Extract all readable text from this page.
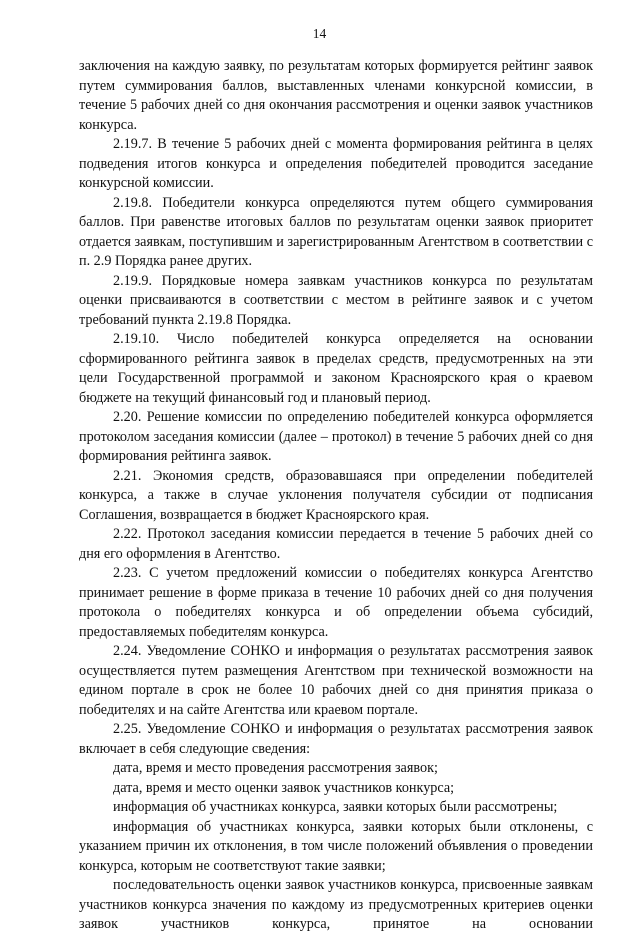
14

заключения на каждую заявку, по результатам которых формируется рейтинг заявок путем суммирования баллов, выставленных членами конкурсной комиссии, в течение 5 рабочих дней со дня окончания рассмотрения и оценки заявок участников конкурса.

2.19.7. В течение 5 рабочих дней с момента формирования рейтинга в целях подведения итогов конкурса и определения победителей проводится заседание конкурсной комиссии.

2.19.8. Победители конкурса определяются путем общего суммирования баллов. При равенстве итоговых баллов по результатам оценки заявок приоритет отдается заявкам, поступившим и зарегистрированным Агентством в соответствии с п. 2.9 Порядка ранее других.

2.19.9. Порядковые номера заявкам участников конкурса по результатам оценки присваиваются в соответствии с местом в рейтинге заявок и с учетом требований пункта 2.19.8 Порядка.

2.19.10. Число победителей конкурса определяется на основании сформированного рейтинга заявок в пределах средств, предусмотренных на эти цели Государственной программой и законом Красноярского края о краевом бюджете на текущий финансовый год и плановый период.

2.20. Решение комиссии по определению победителей конкурса оформляется протоколом заседания комиссии (далее – протокол) в течение 5 рабочих дней со дня формирования рейтинга заявок.

2.21. Экономия средств, образовавшаяся при определении победителей конкурса, а также в случае уклонения получателя субсидии от подписания Соглашения, возвращается в бюджет Красноярского края.

2.22. Протокол заседания комиссии передается в течение 5 рабочих дней со дня его оформления в Агентство.

2.23. С учетом предложений комиссии о победителях конкурса Агентство принимает решение в форме приказа в течение 10 рабочих дней со дня получения протокола о победителях конкурса и об определении объема субсидий, предоставляемых победителям конкурса.

2.24. Уведомление СОНКО и информация о результатах рассмотрения заявок осуществляется путем размещения Агентством при технической возможности на едином портале в срок не более 10 рабочих дней со дня принятия приказа о победителях и на сайте Агентства или краевом портале.

2.25. Уведомление СОНКО и информация о результатах рассмотрения заявок включает в себя следующие сведения:

дата, время и место проведения рассмотрения заявок;

дата, время и место оценки заявок участников конкурса;

информация об участниках конкурса, заявки которых были рассмотрены;

информация об участниках конкурса, заявки которых были отклонены, с указанием причин их отклонения, в том числе положений объявления о проведении конкурса, которым не соответствуют такие заявки;

последовательность оценки заявок участников конкурса, присвоенные заявкам участников конкурса значения по каждому из предусмотренных критериев оценки заявок участников конкурса, принятое на основании
